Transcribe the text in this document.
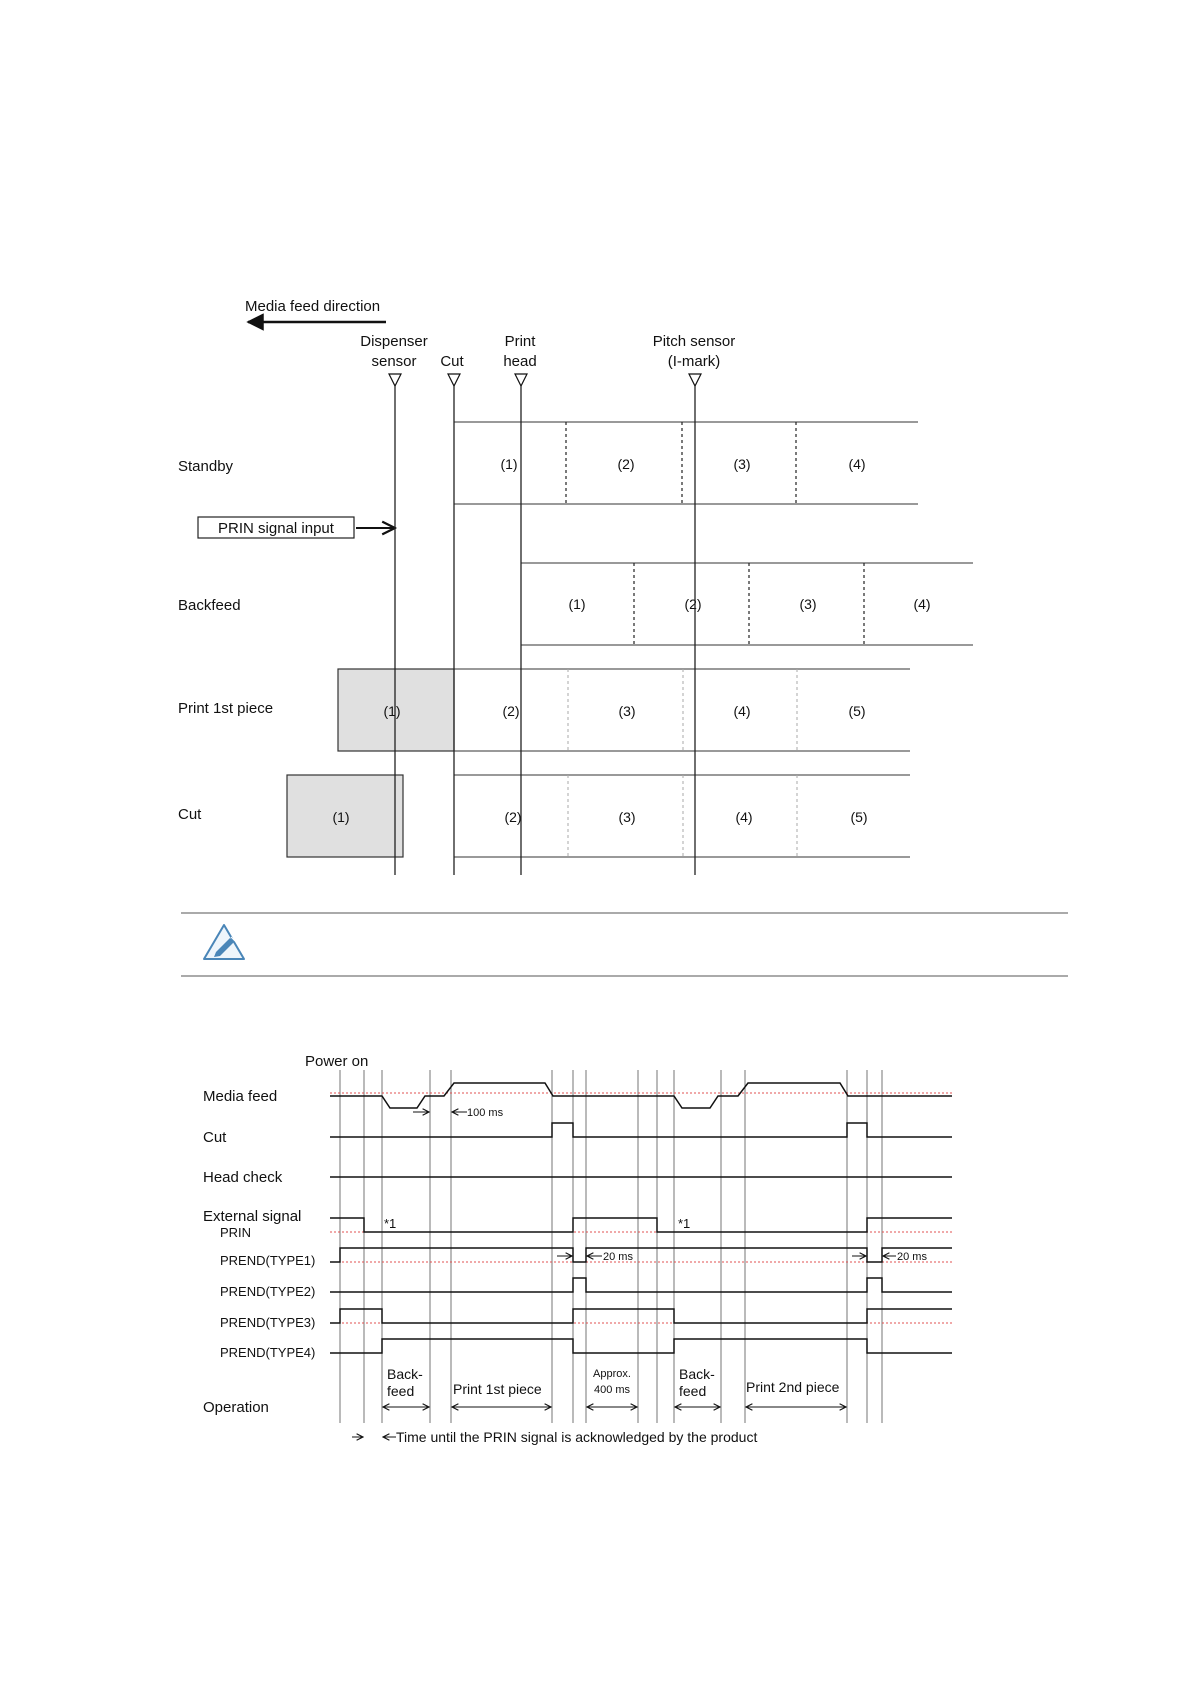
Media feed direction
Dispenser
sensor Cut
Print
head
Pitch sensor
(I-mark)
Standby
Backfeed
Print 1st piece
Cut
PRIN signal input
(1)	(2)	(3)	(4)
(1)	(2)	(3)	(4)
(1)	(2)	(3)	(4)	(5)
(1)	(2)	(3)	(4)	(5)
Power on
Media feed
Cut
Head check
External signal
PRIN
PREND(TYPE1)
PREND(TYPE2)
PREND(TYPE3)
PREND(TYPE4)
Operation
100 ms
20 ms	20 ms
*1	*1
Back-
feed	Print 1st piece
Approx.
400 ms
Back-
feed	Print 2nd piece
Time until the PRIN signal is acknowledged by the product
